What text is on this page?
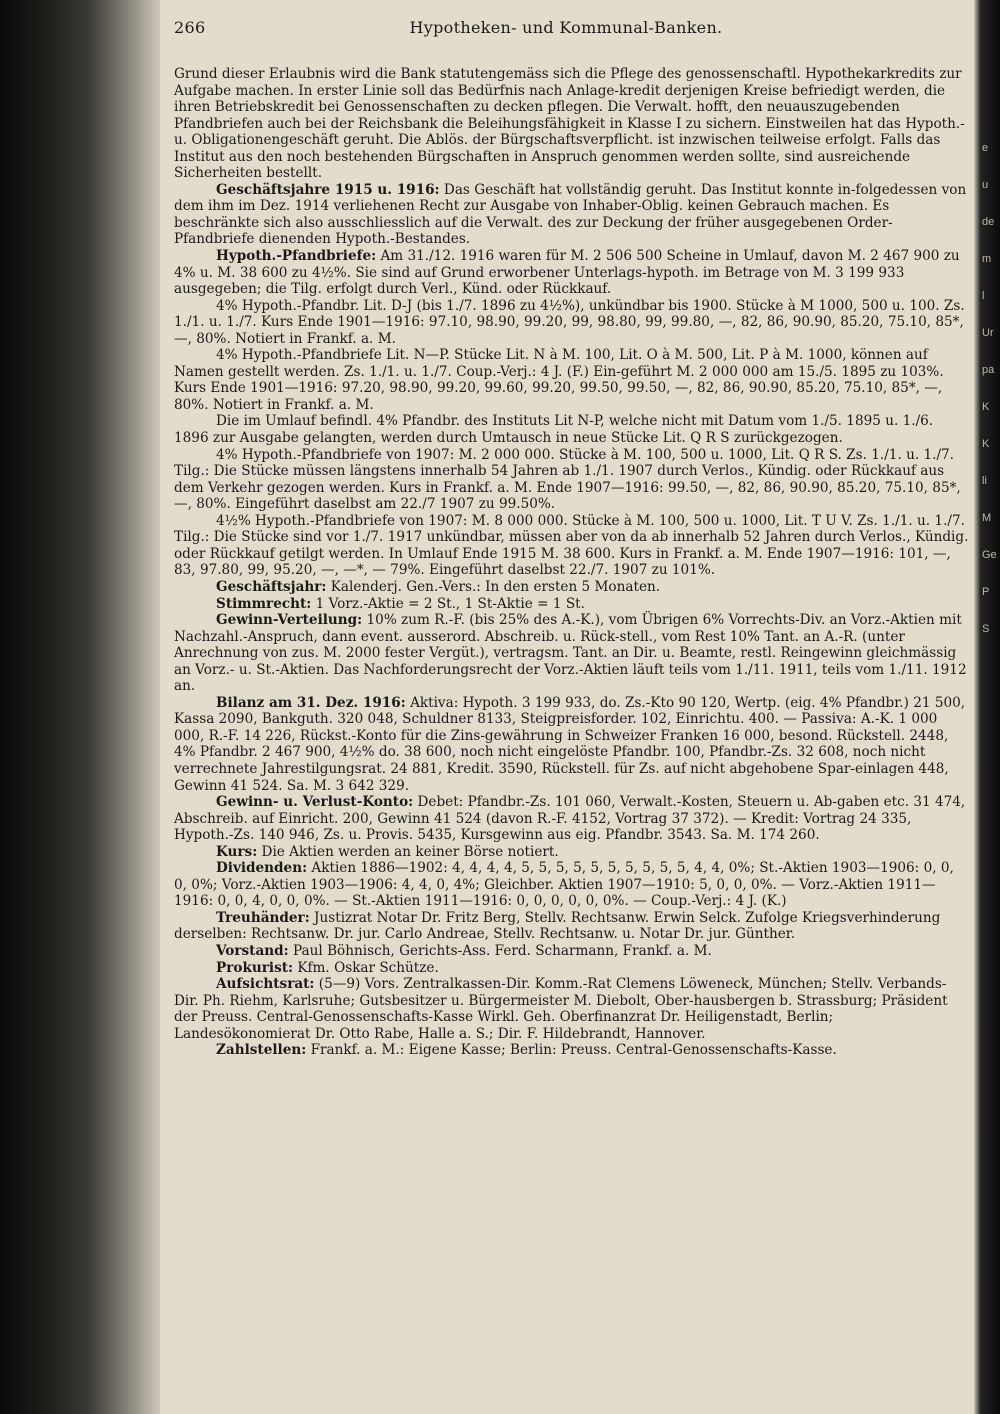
266	Hypotheken- und Kommunal-Banken.

Grund dieser Erlaubnis wird die Bank statutengemäss sich die Pflege des genossenschaftl. Hypothekarkredits zur Aufgabe machen. In erster Linie soll das Bedürfnis nach Anlage-kredit derjenigen Kreise befriedigt werden, die ihren Betriebskredit bei Genossenschaften zu decken pflegen. Die Verwalt. hofft, den neuauszugebenden Pfandbriefen auch bei der Reichsbank die Beleihungsfähigkeit in Klasse I zu sichern. Einstweilen hat das Hypoth.- u. Obligationengeschäft geruht. Die Ablös. der Bürgschaftsverpflicht. ist inzwischen teilweise erfolgt. Falls das Institut aus den noch bestehenden Bürgschaften in Anspruch genommen werden sollte, sind ausreichende Sicherheiten bestellt.

Geschäftsjahre 1915 u. 1916: Das Geschäft hat vollständig geruht. Das Institut konnte in-folgedessen von dem ihm im Dez. 1914 verliehenen Recht zur Ausgabe von Inhaber-Oblig. keinen Gebrauch machen. Es beschränkte sich also ausschliesslich auf die Verwalt. des zur Deckung der früher ausgegebenen Order-Pfandbriefe dienenden Hypoth.-Bestandes.

Hypoth.-Pfandbriefe: Am 31./12. 1916 waren für M. 2 506 500 Scheine in Umlauf, davon M. 2 467 900 zu 4% u. M. 38 600 zu 4½%. Sie sind auf Grund erworbener Unterlags-hypoth. im Betrage von M. 3 199 933 ausgegeben; die Tilg. erfolgt durch Verl., Künd. oder Rückkauf.

4% Hypoth.-Pfandbr. Lit. D-J (bis 1./7. 1896 zu 4½%), unkündbar bis 1900. Stücke à M 1000, 500 u. 100. Zs. 1./1. u. 1./7. Kurs Ende 1901—1916: 97.10, 98.90, 99.20, 99, 98.80, 99, 99.80, —, 82, 86, 90.90, 85.20, 75.10, 85*, —, 80%. Notiert in Frankf. a. M.

4% Hypoth.-Pfandbriefe Lit. N—P. Stücke Lit. N à M. 100, Lit. O à M. 500, Lit. P à M. 1000, können auf Namen gestellt werden. Zs. 1./1. u. 1./7. Coup.-Verj.: 4 J. (F.) Ein-geführt M. 2 000 000 am 15./5. 1895 zu 103%. Kurs Ende 1901—1916: 97.20, 98.90, 99.20, 99.60, 99.20, 99.50, 99.50, —, 82, 86, 90.90, 85.20, 75.10, 85*, —, 80%. Notiert in Frankf. a. M.

Die im Umlauf befindl. 4% Pfandbr. des Instituts Lit N-P, welche nicht mit Datum vom 1./5. 1895 u. 1./6. 1896 zur Ausgabe gelangten, werden durch Umtausch in neue Stücke Lit. Q R S zurückgezogen.

4% Hypoth.-Pfandbriefe von 1907: M. 2 000 000. Stücke à M. 100, 500 u. 1000, Lit. Q R S. Zs. 1./1. u. 1./7. Tilg.: Die Stücke müssen längstens innerhalb 54 Jahren ab 1./1. 1907 durch Verlos., Kündig. oder Rückkauf aus dem Verkehr gezogen werden. Kurs in Frankf. a. M. Ende 1907—1916: 99.50, —, 82, 86, 90.90, 85.20, 75.10, 85*, —, 80%. Eingeführt daselbst am 22./7 1907 zu 99.50%.

4½% Hypoth.-Pfandbriefe von 1907: M. 8 000 000. Stücke à M. 100, 500 u. 1000, Lit. T U V. Zs. 1./1. u. 1./7. Tilg.: Die Stücke sind vor 1./7. 1917 unkündbar, müssen aber von da ab innerhalb 52 Jahren durch Verlos., Kündig. oder Rückkauf getilgt werden. In Umlauf Ende 1915 M. 38 600. Kurs in Frankf. a. M. Ende 1907—1916: 101, —, 83, 97.80, 99, 95.20, —, —*, — 79%. Eingeführt daselbst 22./7. 1907 zu 101%.

Geschäftsjahr: Kalenderj. Gen.-Vers.: In den ersten 5 Monaten.

Stimmrecht: 1 Vorz.-Aktie = 2 St., 1 St-Aktie = 1 St.

Gewinn-Verteilung: 10% zum R.-F. (bis 25% des A.-K.), vom Übrigen 6% Vorrechts-Div. an Vorz.-Aktien mit Nachzahl.-Anspruch, dann event. ausserord. Abschreib. u. Rück-stell., vom Rest 10% Tant. an A.-R. (unter Anrechnung von zus. M. 2000 fester Vergüt.), vertragsm. Tant. an Dir. u. Beamte, restl. Reingewinn gleichmässig an Vorz.- u. St.-Aktien. Das Nachforderungsrecht der Vorz.-Aktien läuft teils vom 1./11. 1911, teils vom 1./11. 1912 an.

Bilanz am 31. Dez. 1916: Aktiva: Hypoth. 3 199 933, do. Zs.-Kto 90 120, Wertp. (eig. 4% Pfandbr.) 21 500, Kassa 2090, Bankguth. 320 048, Schuldner 8133, Steigpreisforder. 102, Einrichtu. 400. — Passiva: A.-K. 1 000 000, R.-F. 14 226, Rückst.-Konto für die Zins-gewährung in Schweizer Franken 16 000, besond. Rückstell. 2448, 4% Pfandbr. 2 467 900, 4½% do. 38 600, noch nicht eingelöste Pfandbr. 100, Pfandbr.-Zs. 32 608, noch nicht verrechnete Jahrestilgungsrat. 24 881, Kredit. 3590, Rückstell. für Zs. auf nicht abgehobene Spar-einlagen 448, Gewinn 41 524. Sa. M. 3 642 329.

Gewinn- u. Verlust-Konto: Debet: Pfandbr.-Zs. 101 060, Verwalt.-Kosten, Steuern u. Ab-gaben etc. 31 474, Abschreib. auf Einricht. 200, Gewinn 41 524 (davon R.-F. 4152, Vortrag 37 372). — Kredit: Vortrag 24 335, Hypoth.-Zs. 140 946, Zs. u. Provis. 5435, Kursgewinn aus eig. Pfandbr. 3543. Sa. M. 174 260.

Kurs: Die Aktien werden an keiner Börse notiert.

Dividenden: Aktien 1886—1902: 4, 4, 4, 4, 5, 5, 5, 5, 5, 5, 5, 5, 5, 5, 4, 4, 0%; St.-Aktien 1903—1906: 0, 0, 0, 0%; Vorz.-Aktien 1903—1906: 4, 4, 0, 4%; Gleichber. Aktien 1907—1910: 5, 0, 0, 0%. — Vorz.-Aktien 1911—1916: 0, 0, 4, 0, 0, 0%. — St.-Aktien 1911—1916: 0, 0, 0, 0, 0, 0%. — Coup.-Verj.: 4 J. (K.)

Treuhänder: Justizrat Notar Dr. Fritz Berg, Stellv. Rechtsanw. Erwin Selck. Zufolge Kriegsverhinderung derselben: Rechtsanw. Dr. jur. Carlo Andreae, Stellv. Rechtsanw. u. Notar Dr. jur. Günther.

Vorstand: Paul Böhnisch, Gerichts-Ass. Ferd. Scharmann, Frankf. a. M.

Prokurist: Kfm. Oskar Schütze.

Aufsichtsrat: (5—9) Vors. Zentralkassen-Dir. Komm.-Rat Clemens Löweneck, München; Stellv. Verbands-Dir. Ph. Riehm, Karlsruhe; Gutsbesitzer u. Bürgermeister M. Diebolt, Ober-hausbergen b. Strassburg; Präsident der Preuss. Central-Genossenschafts-Kasse Wirkl. Geh. Oberfinanzrat Dr. Heiligenstadt, Berlin; Landesökonomierat Dr. Otto Rabe, Halle a. S.; Dir. F. Hildebrandt, Hannover.

Zahlstellen: Frankf. a. M.: Eigene Kasse; Berlin: Preuss. Central-Genossenschafts-Kasse.

e
u
de
m
l
Ur
pa
K
K
li
M
Ge
P
S
